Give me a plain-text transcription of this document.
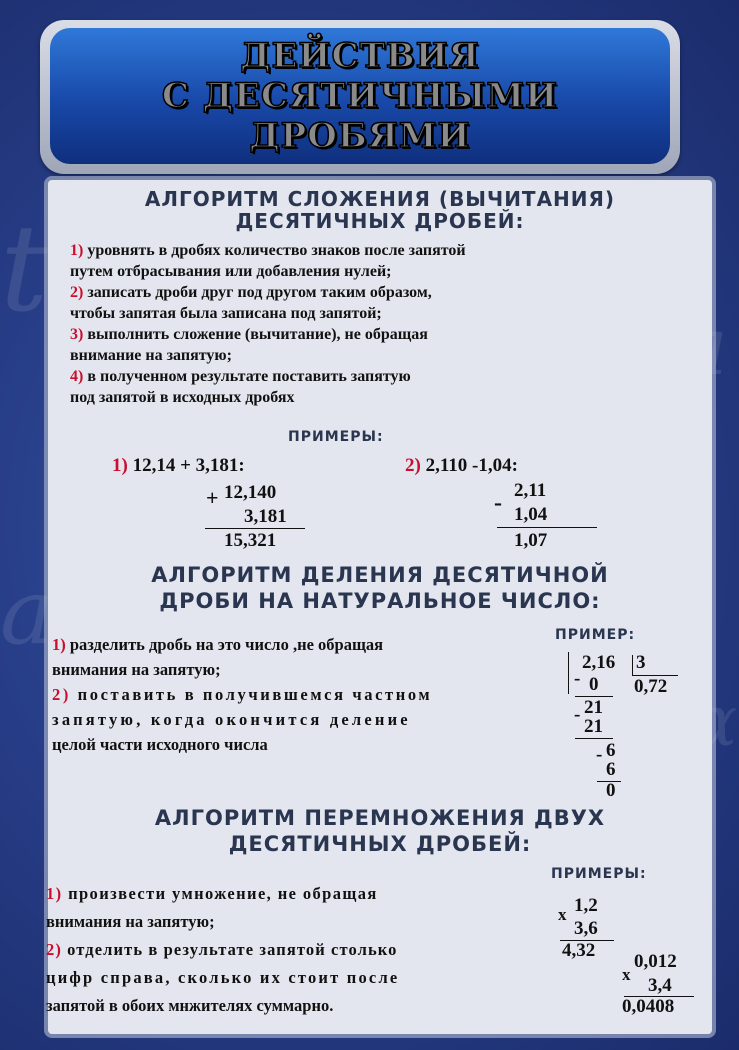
t
a
α
ДЕЙСТВИЯ
С ДЕСЯТИЧНЫМИ
ДРОБЯМИ
АЛГОРИТМ СЛОЖЕНИЯ (ВЫЧИТАНИЯ)
ДЕСЯТИЧНЫХ ДРОБЕЙ:
1) уровнять в дробях количество знаков после запятой
путем отбрасывания или добавления нулей;
2) записать дроби друг под другом таким образом,
чтобы запятая была записана под запятой;
3) выполнить сложение (вычитание), не обращая
внимание на запятую;
4) в полученном результате поставить запятую
под запятой в исходных дробях
ПРИМЕРЫ:
1) 12,14 + 3,181:
+ 12,140
3,181
15,321
2) 2,110 -1,04:
- 2,11
1,04
1,07
АЛГОРИТМ ДЕЛЕНИЯ ДЕСЯТИЧНОЙ
ДРОБИ НА НАТУРАЛЬНОЕ ЧИСЛО:
1) разделить дробь на это число ,не обращая
внимания на запятую;
2) поставить в получившемся частном
запятую, когда окончится деление
целой части исходного числа
ПРИМЕР:
2,16 3
- 0 0,72
- 21
21
- 6
6
0
АЛГОРИТМ ПЕРЕМНОЖЕНИЯ ДВУХ
ДЕСЯТИЧНЫХ ДРОБЕЙ:
1) произвести умножение, не обращая
внимания на запятую;
2) отделить в результате запятой столько
цифр справа, сколько их стоит после
запятой в обоих мнжителях суммарно.
ПРИМЕРЫ:
x 1,2
3,6
4,32
x
0,012
3,4
0,0408
